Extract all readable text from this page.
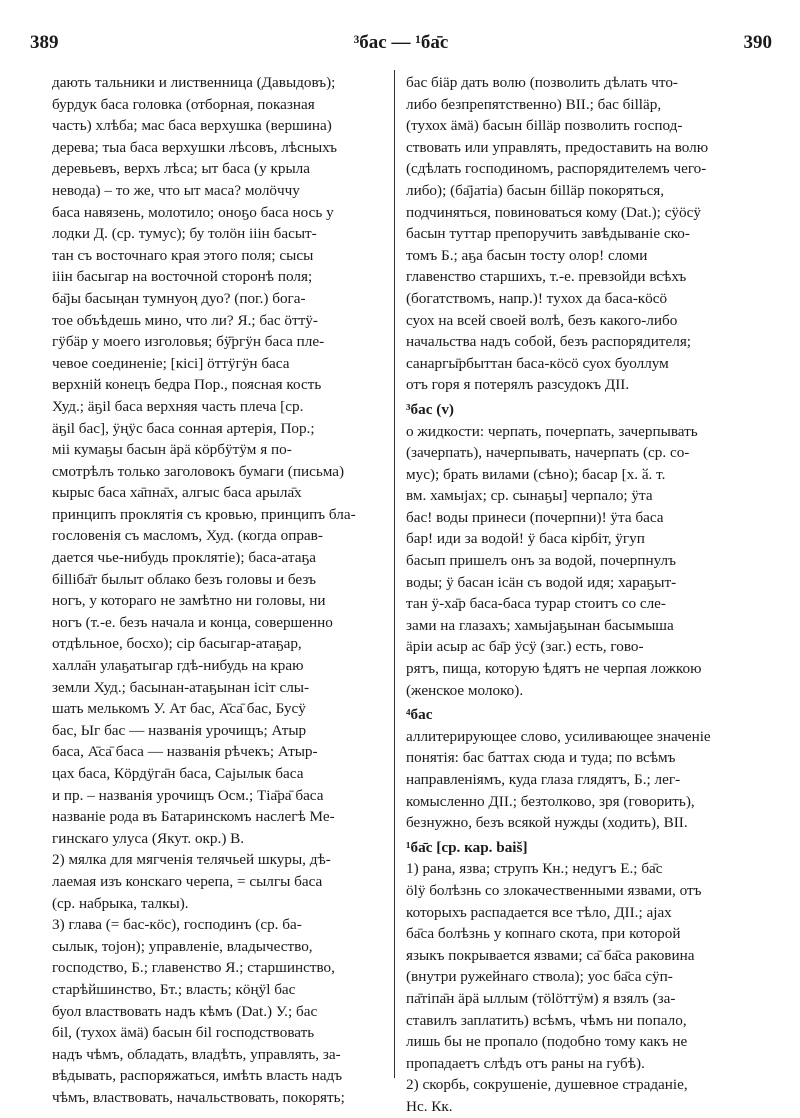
389	³бас — ¹ба̄с	390
дають тальники и лиственница (Давыдовъ);
бурдук баса головка (отборная, показная
часть) хлѣба; мас баса верхушка (вершина)
дерева; тыа баса верхушки лѣсовъ, лѣсныхъ
деревьевъ, верхъ лѣса; ыт баса (у крыла
невода) – то же, что ыт маса? молöччу
баса навязень, молотило; оноҕо баса нось у
лодки Д. (ср. тумус); бу толӧн iiiн басыт-
тан съ восточнаго края этого поля; сысы
iiiн басыгар на восточной сторонѣ поля;
ба̄jы басыңан тумнуоң дуо? (пог.) бога-
тое объѣдешь мино, что ли? Я.; бас öттÿ-
гÿбӓр у моего изголовья; бÿ̄ргÿн баса пле-
чевое соединеніе; [кісі] öттÿгÿн баса
верхній конецъ бедра Пор., поясная кость
Худ.; ӓҕіl баса верхняя часть плеча [ср.
ӓҕіl бас], ÿңÿс баса сонная артерія, Пор.;
міі кумаҕы басын ӓрӓ кöрбÿтÿм я по-
смотрѣлъ только заголовокъ бумаги (письма)
кырыс баса ха̄пна̄х, алгыс баса арыла̄х
принципъ проклятія съ кровью, принципъ бла-
гословенія съ масломъ, Худ. (когда оправ-
дается чье-нибудь проклятіе); баса-атаҕа
біllіба̄т былыт облако безъ головы и безъ
ногъ, у котораго не замѣтно ни головы, ни
ногъ (т.-е. безъ начала и конца, совершенно
отдѣльное, босхо); сір басыгар-атаҕар,
халла̄н улаҕатыгар гдѣ-нибудь на краю
земли Худ.; басынан-атаҕынан ісіт слы-
шать мелькомъ У. Ат бас, А̄са̄ бас, Бусÿ
бас, Ыг бас — названія урочищъ; Атыр
баса, А̄са̄ баса — названія рѣчекъ; Атыр-
цах баса, Кöрдÿга̄н баса, Саjылык баса
и пр. – названія урочищъ Осм.; Тіа̄ра̄ баса
названіе рода въ Батаринскомъ наслегѣ Ме-
гинскаго улуса (Якут. окр.) В.
2) мялка для мягченія телячьей шкуры, дѣ-
лаемая изъ конскаго черепа, = сылгы баса
(ср. набрыка, талкы).
3) глава (= бас-кöс), господинъ (ср. ба-
сылык, тоjон); управленіе, владычество,
господство, Б.; главенство Я.; старшинство,
старѣйшинство, Бт.; власть; кöңÿl бас
буол властвовать надъ кѣмъ (Dat.) У.; бас
біl, (тухох ӓмӓ) басын біl господствовать
надъ чѣмъ, обладать, владѣть, управлять, за-
вѣдывать, распоряжаться, имѣть власть надъ
чѣмъ, властвовать, начальствовать, покорять;
бас біӓр дать волю (позволить дѣлать что-
либо безпрепятственно) ВII.; бас біllӓр,
(тухох ӓмӓ) басын біllӓр позволить господ-
ствовать или управлять, предоставить на волю
(сдѣлать господиномъ, распорядителемъ чего-
либо); (ба̄jатіа) басын біllӓр покоряться,
подчиняться, повиноваться кому (Dat.); сÿöсÿ
басын туттар препоручить завѣдываніе ско-
томъ Б.; аҕа басын тосту олор! сломи
главенство старшихъ, т.-е. превзойди всѣхъ
(богатствомъ, напр.)! тухох да баса-кöсö
суох на всей своей волѣ, безъ какого-либо
начальства надъ собой, безъ распорядителя;
санаргы̄рбыттан баса-кöсö суох буоллум
отъ горя я потерялъ разсудокъ ДII.
³бас (v)
о жидкости: черпать, почерпать, зачерпывать
(зачерпать), начерпывать, начерпать (ср. со-
мус); брать вилами (сѣно); басар [х. ӑ. т.
вм. хамыjах; ср. сынаҕы] черпало; ÿта
бас! воды принеси (почерпни)! ÿта баса
бар! иди за водой! ÿ баса кірбіт, ÿгуп
басып пришелъ онъ за водой, почерпнулъ
воды; ÿ басан ісӓн съ водой идя; хараҕыт-
тан ÿ-ха̄р баса-баса турар стоитъ со сле-
зами на глазахъ; хамыjаҕынан басымыша
ӓріи асыр ас ба̄р ÿсÿ (заг.) есть, гово-
рятъ, пища, которую ѣдятъ не черпая ложкою
(женское молоко).
⁴бас
аллитерирующее слово, усиливающее значеніе
понятія: бас баттах сюда и туда; по всѣмъ
направленіямъ, куда глаза глядятъ, Б.; лег-
комысленно ДII.; безтолково, зря (говорить),
безнужно, безъ всякой нужды (ходить), ВII.
¹ба̄с [ср. кар. baiš]
1) рана, язва; струпъ Кн.; недугъ Е.; ба̄с
ölӱ болѣзнь со злокачественными язвами, отъ
которыхъ распадается все тѣло, ДII.; аjах
ба̄са болѣзнь у копнаго скота, при которой
языкъ покрывается язвами; са̄ ба̄са раковина
(внутри ружейнаго ствола); уос ба̄са сÿп-
па̄тіпа̄н ӓрӓ ыллым (тölöттÿм) я взялъ (за-
ставилъ заплатить) всѣмъ, чѣмъ ни попало,
лишь бы не пропало (подобно тому какъ не
пропадаетъ слѣдъ отъ раны на губѣ).
2) скорбь, сокрушеніе, душевное страданіе,
Нс. Кк.
